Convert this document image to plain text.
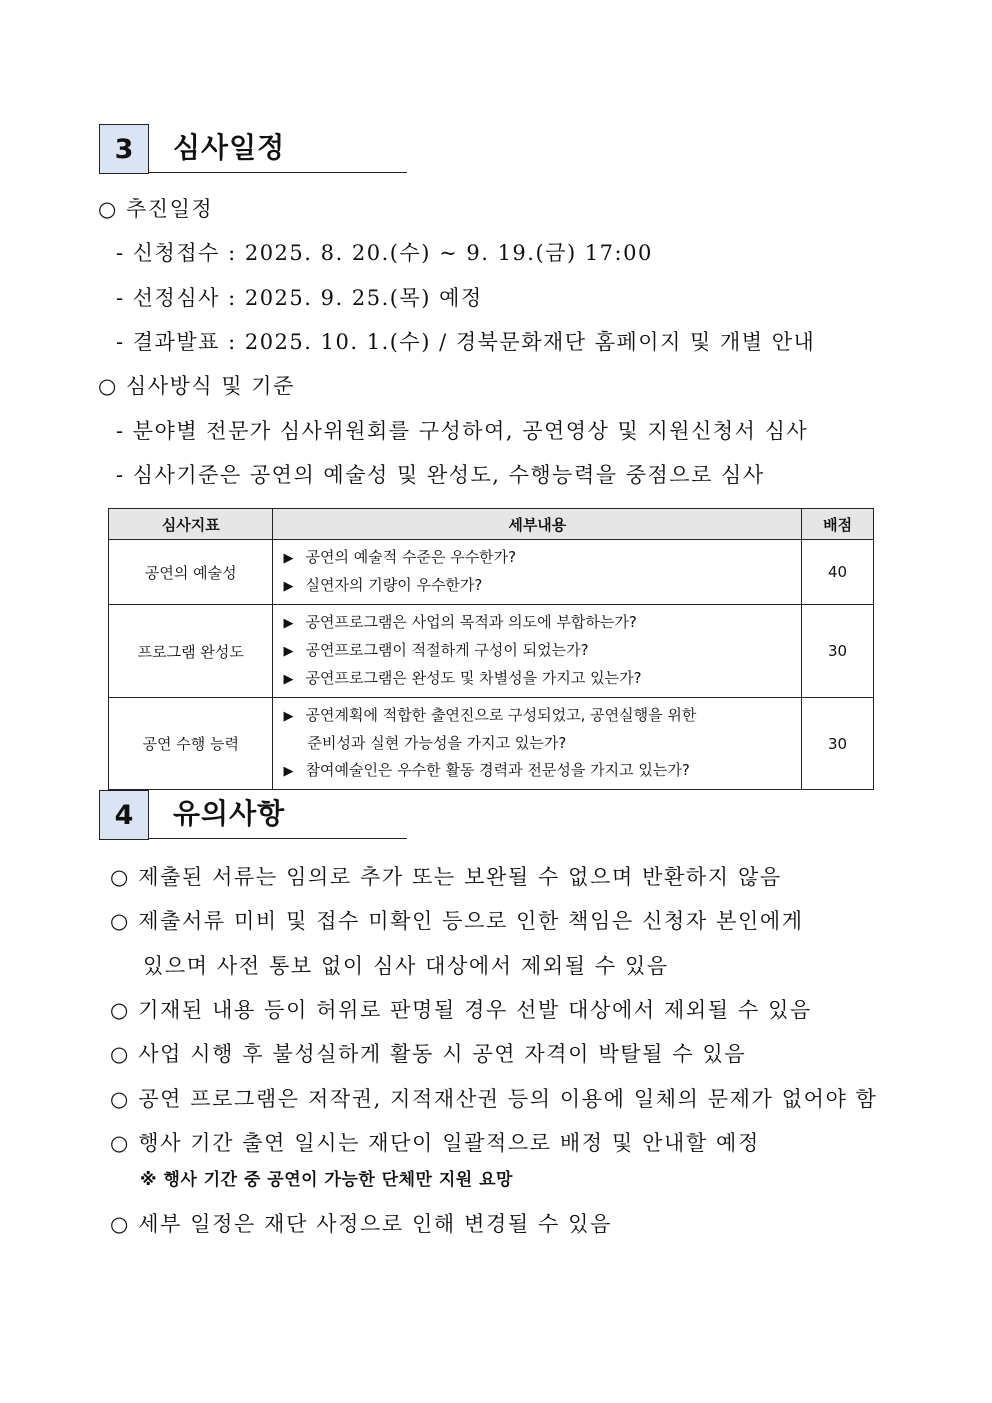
3	심사일정
○ 추진일정
- 신청접수 : 2025. 8. 20.(수) ~ 9. 19.(금) 17:00
- 선정심사 : 2025. 9. 25.(목) 예정
- 결과발표 : 2025. 10. 1.(수) / 경북문화재단 홈페이지 및 개별 안내
○ 심사방식 및 기준
- 분야별 전문가 심사위원회를 구성하여, 공연영상 및 지원신청서 심사
- 심사기준은 공연의 예술성 및 완성도, 수행능력을 중점으로 심사
심사지표	세부내용	배점
공연의 예술성	▶ 공연의 예술적 수준은 우수한가?
▶ 실연자의 기량이 우수한가?	40
프로그램 완성도	▶ 공연프로그램은 사업의 목적과 의도에 부합하는가?
▶ 공연프로그램이 적절하게 구성이 되었는가?
▶ 공연프로그램은 완성도 및 차별성을 가지고 있는가?	30
공연 수행 능력	▶ 공연계획에 적합한 출연진으로 구성되었고, 공연실행을 위한
준비성과 실현 가능성을 가지고 있는가?
▶ 참여예술인은 우수한 활동 경력과 전문성을 가지고 있는가?	30
4	유의사항
○ 제출된 서류는 임의로 추가 또는 보완될 수 없으며 반환하지 않음
○ 제출서류 미비 및 접수 미확인 등으로 인한 책임은 신청자 본인에게
있으며 사전 통보 없이 심사 대상에서 제외될 수 있음
○ 기재된 내용 등이 허위로 판명될 경우 선발 대상에서 제외될 수 있음
○ 사업 시행 후 불성실하게 활동 시 공연 자격이 박탈될 수 있음
○ 공연 프로그램은 저작권, 지적재산권 등의 이용에 일체의 문제가 없어야 함
○ 행사 기간 출연 일시는 재단이 일괄적으로 배정 및 안내할 예정
※ 행사 기간 중 공연이 가능한 단체만 지원 요망
○ 세부 일정은 재단 사정으로 인해 변경될 수 있음
